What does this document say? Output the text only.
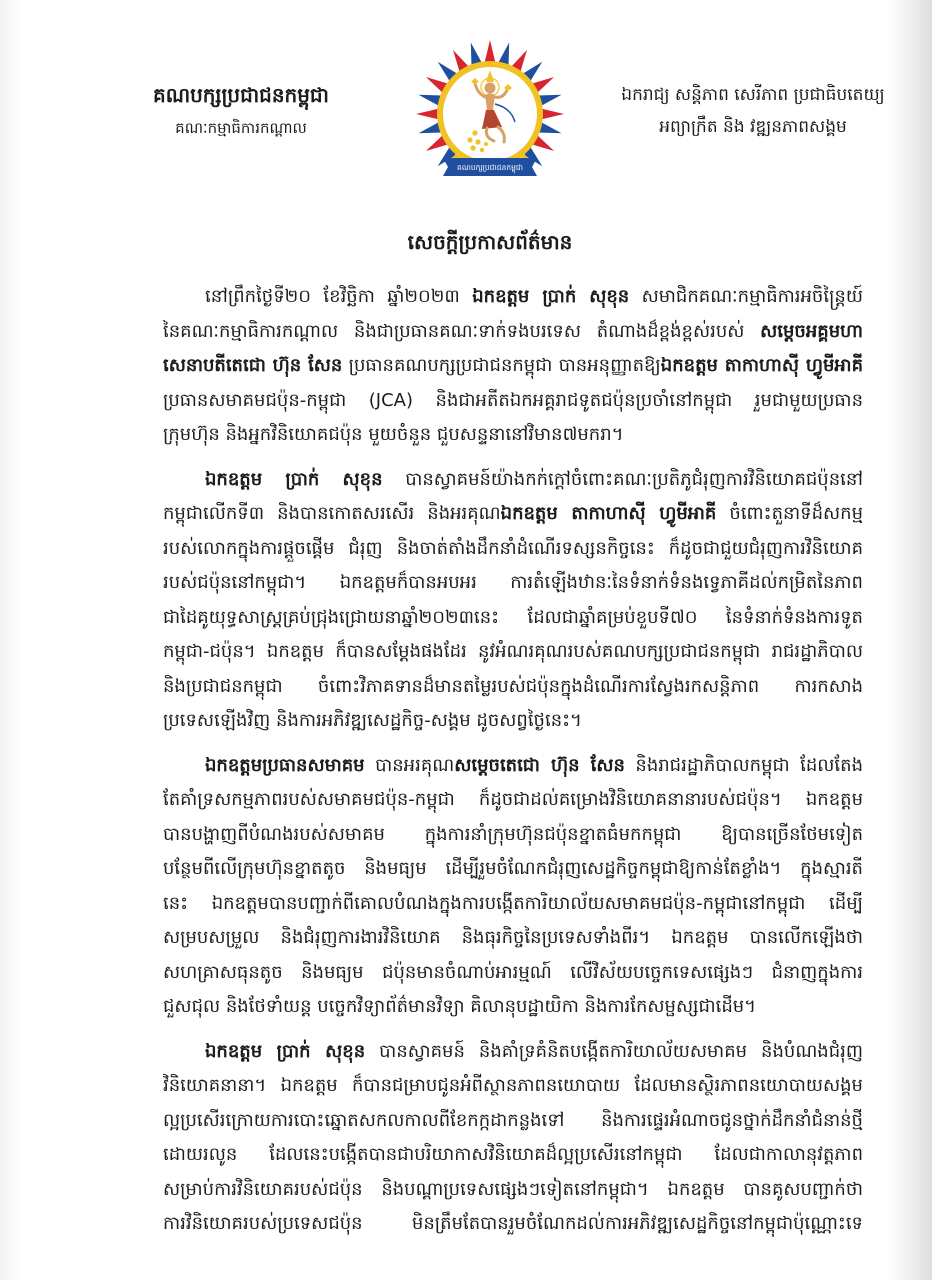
គណបក្សប្រជាជនកម្ពុជា
គណៈកម្មាធិការកណ្ដាល
គណបក្សប្រជាជនកម្ពុជា
ឯករាជ្យ សន្តិភាព សេរីភាព ប្រជាធិបតេយ្យ
អព្យាក្រឹត និង វឌ្ឍនភាពសង្គម
សេចក្ដីប្រកាសព័ត៌មាន
នៅព្រឹកថ្ងៃទី២០ ខែវិច្ឆិកា ឆ្នាំ២០២៣ ឯកឧត្តម ប្រាក់ សុខុន សមាជិកគណៈកម្មាធិការអចិន្ត្រៃយ៍
នៃគណៈកម្មាធិការកណ្ដាល និងជាប្រធានគណៈទាក់ទងបរទេស តំណាងដ៏ខ្ពង់ខ្ពស់របស់ សម្ដេចអគ្គមហា
សេនាបតីតេជោ ហ៊ុន សែន ប្រធានគណបក្សប្រជាជនកម្ពុជា បានអនុញ្ញាតឱ្យឯកឧត្តម តាកាហាស៊ី ហ្វូមីអាគី
ប្រធានសមាគមជប៉ុន-កម្ពុជា (JCA) និងជាអតីតឯកអគ្គរាជទូតជប៉ុនប្រចាំនៅកម្ពុជា រួមជាមួយប្រធាន
ក្រុមហ៊ុន និងអ្នកវិនិយោគជប៉ុន មួយចំនួន ជួបសន្ទនានៅវិមាន៧មករា។
ឯកឧត្តម ប្រាក់ សុខុន បានស្វាគមន៍យ៉ាងកក់ក្ដៅចំពោះគណៈប្រតិភូជំរុញការវិនិយោគជប៉ុននៅ
កម្ពុជាលើកទី៣ និងបានកោតសរសើរ និងអរគុណឯកឧត្តម តាកាហាស៊ី ហ្វូមីអាគី ចំពោះតួនាទីដ៏សកម្ម
របស់លោកក្នុងការផ្ដួចផ្ដើម ជំរុញ និងចាត់តាំងដឹកនាំដំណើរទស្សនកិច្ចនេះ ក៏ដូចជាជួយជំរុញការវិនិយោគ
របស់ជប៉ុននៅកម្ពុជា។ ឯកឧត្តមក៏បានអបអរ ការតំឡើងឋានៈនៃទំនាក់ទំនងទ្វេភាគីដល់កម្រិតនៃភាព
ជាដៃគូយុទ្ធសាស្ត្រគ្រប់ជ្រុងជ្រោយនាឆ្នាំ២០២៣នេះ ដែលជាឆ្នាំគម្រប់ខួបទី៧០ នៃទំនាក់ទំនងការទូត
កម្ពុជា-ជប៉ុន។ ឯកឧត្តម ក៏បានសម្ដែងផងដែរ នូវអំណរគុណរបស់គណបក្សប្រជាជនកម្ពុជា រាជរដ្ឋាភិបាល
និងប្រជាជនកម្ពុជា ចំពោះវិភាគទានដ៏មានតម្លៃរបស់ជប៉ុនក្នុងដំណើរការស្វែងរកសន្តិភាព ការកសាង
ប្រទេសឡើងវិញ និងការអភិវឌ្ឍសេដ្ឋកិច្ច-សង្គម ដូចសព្វថ្ងៃនេះ។
ឯកឧត្តមប្រធានសមាគម បានអរគុណសម្ដេចតេជោ ហ៊ុន សែន និងរាជរដ្ឋាភិបាលកម្ពុជា ដែលតែង
តែគាំទ្រសកម្មភាពរបស់សមាគមជប៉ុន-កម្ពុជា ក៏ដូចជាដល់គម្រោងវិនិយោគនានារបស់ជប៉ុន។ ឯកឧត្តម
បានបង្ហាញពីបំណងរបស់សមាគម ក្នុងការនាំក្រុមហ៊ុនជប៉ុនខ្នាតធំមកកម្ពុជា ឱ្យបានច្រើនថែមទៀត
បន្ថែមពីលើក្រុមហ៊ុនខ្នាតតូច និងមធ្យម ដើម្បីរួមចំណែកជំរុញសេដ្ឋកិច្ចកម្ពុជាឱ្យកាន់តែខ្លាំង។ ក្នុងស្មារតី
នេះ ឯកឧត្តមបានបញ្ជាក់ពីគោលបំណងក្នុងការបង្កើតការិយាល័យសមាគមជប៉ុន-កម្ពុជានៅកម្ពុជា ដើម្បី
សម្របសម្រួល និងជំរុញការងារវិនិយោគ និងធុរកិច្ចនៃប្រទេសទាំងពីរ។ ឯកឧត្តម បានលើកឡើងថា
សហគ្រាសធុនតូច និងមធ្យម ជប៉ុនមានចំណាប់អារម្មណ៍ លើវិស័យបច្ចេកទេសផ្សេងៗ ជំនាញក្នុងការ
ជួសជុល និងថែទាំយន្ត បច្ចេកវិទ្យាព័ត៌មានវិទ្យា គិលានុបដ្ឋាយិកា និងការកែសម្ផស្សជាដើម។
ឯកឧត្តម ប្រាក់ សុខុន បានស្វាគមន៍ និងគាំទ្រគំនិតបង្កើតការិយាល័យសមាគម និងបំណងជំរុញ
វិនិយោគនានា។ ឯកឧត្តម ក៏បានជម្រាបជូនអំពីស្ថានភាពនយោបាយ ដែលមានស្ថិរភាពនយោបាយសង្គម
ល្អប្រសើរក្រោយការបោះឆ្នោតសកលកាលពីខែកក្កដាកន្លងទៅ និងការផ្ទេរអំណាចជូនថ្នាក់ដឹកនាំជំនាន់ថ្មី
ដោយរលូន ដែលនេះបង្កើតបានជាបរិយាកាសវិនិយោគដ៏ល្អប្រសើរនៅកម្ពុជា ដែលជាកាលានុវត្តភាព
សម្រាប់ការវិនិយោគរបស់ជប៉ុន និងបណ្ដាប្រទេសផ្សេងៗទៀតនៅកម្ពុជា។ ឯកឧត្តម បានគូសបញ្ជាក់ថា
ការវិនិយោគរបស់ប្រទេសជប៉ុន មិនត្រឹមតែបានរួមចំណែកដល់ការអភិវឌ្ឍសេដ្ឋកិច្ចនៅកម្ពុជាប៉ុណ្ណោះទេ
